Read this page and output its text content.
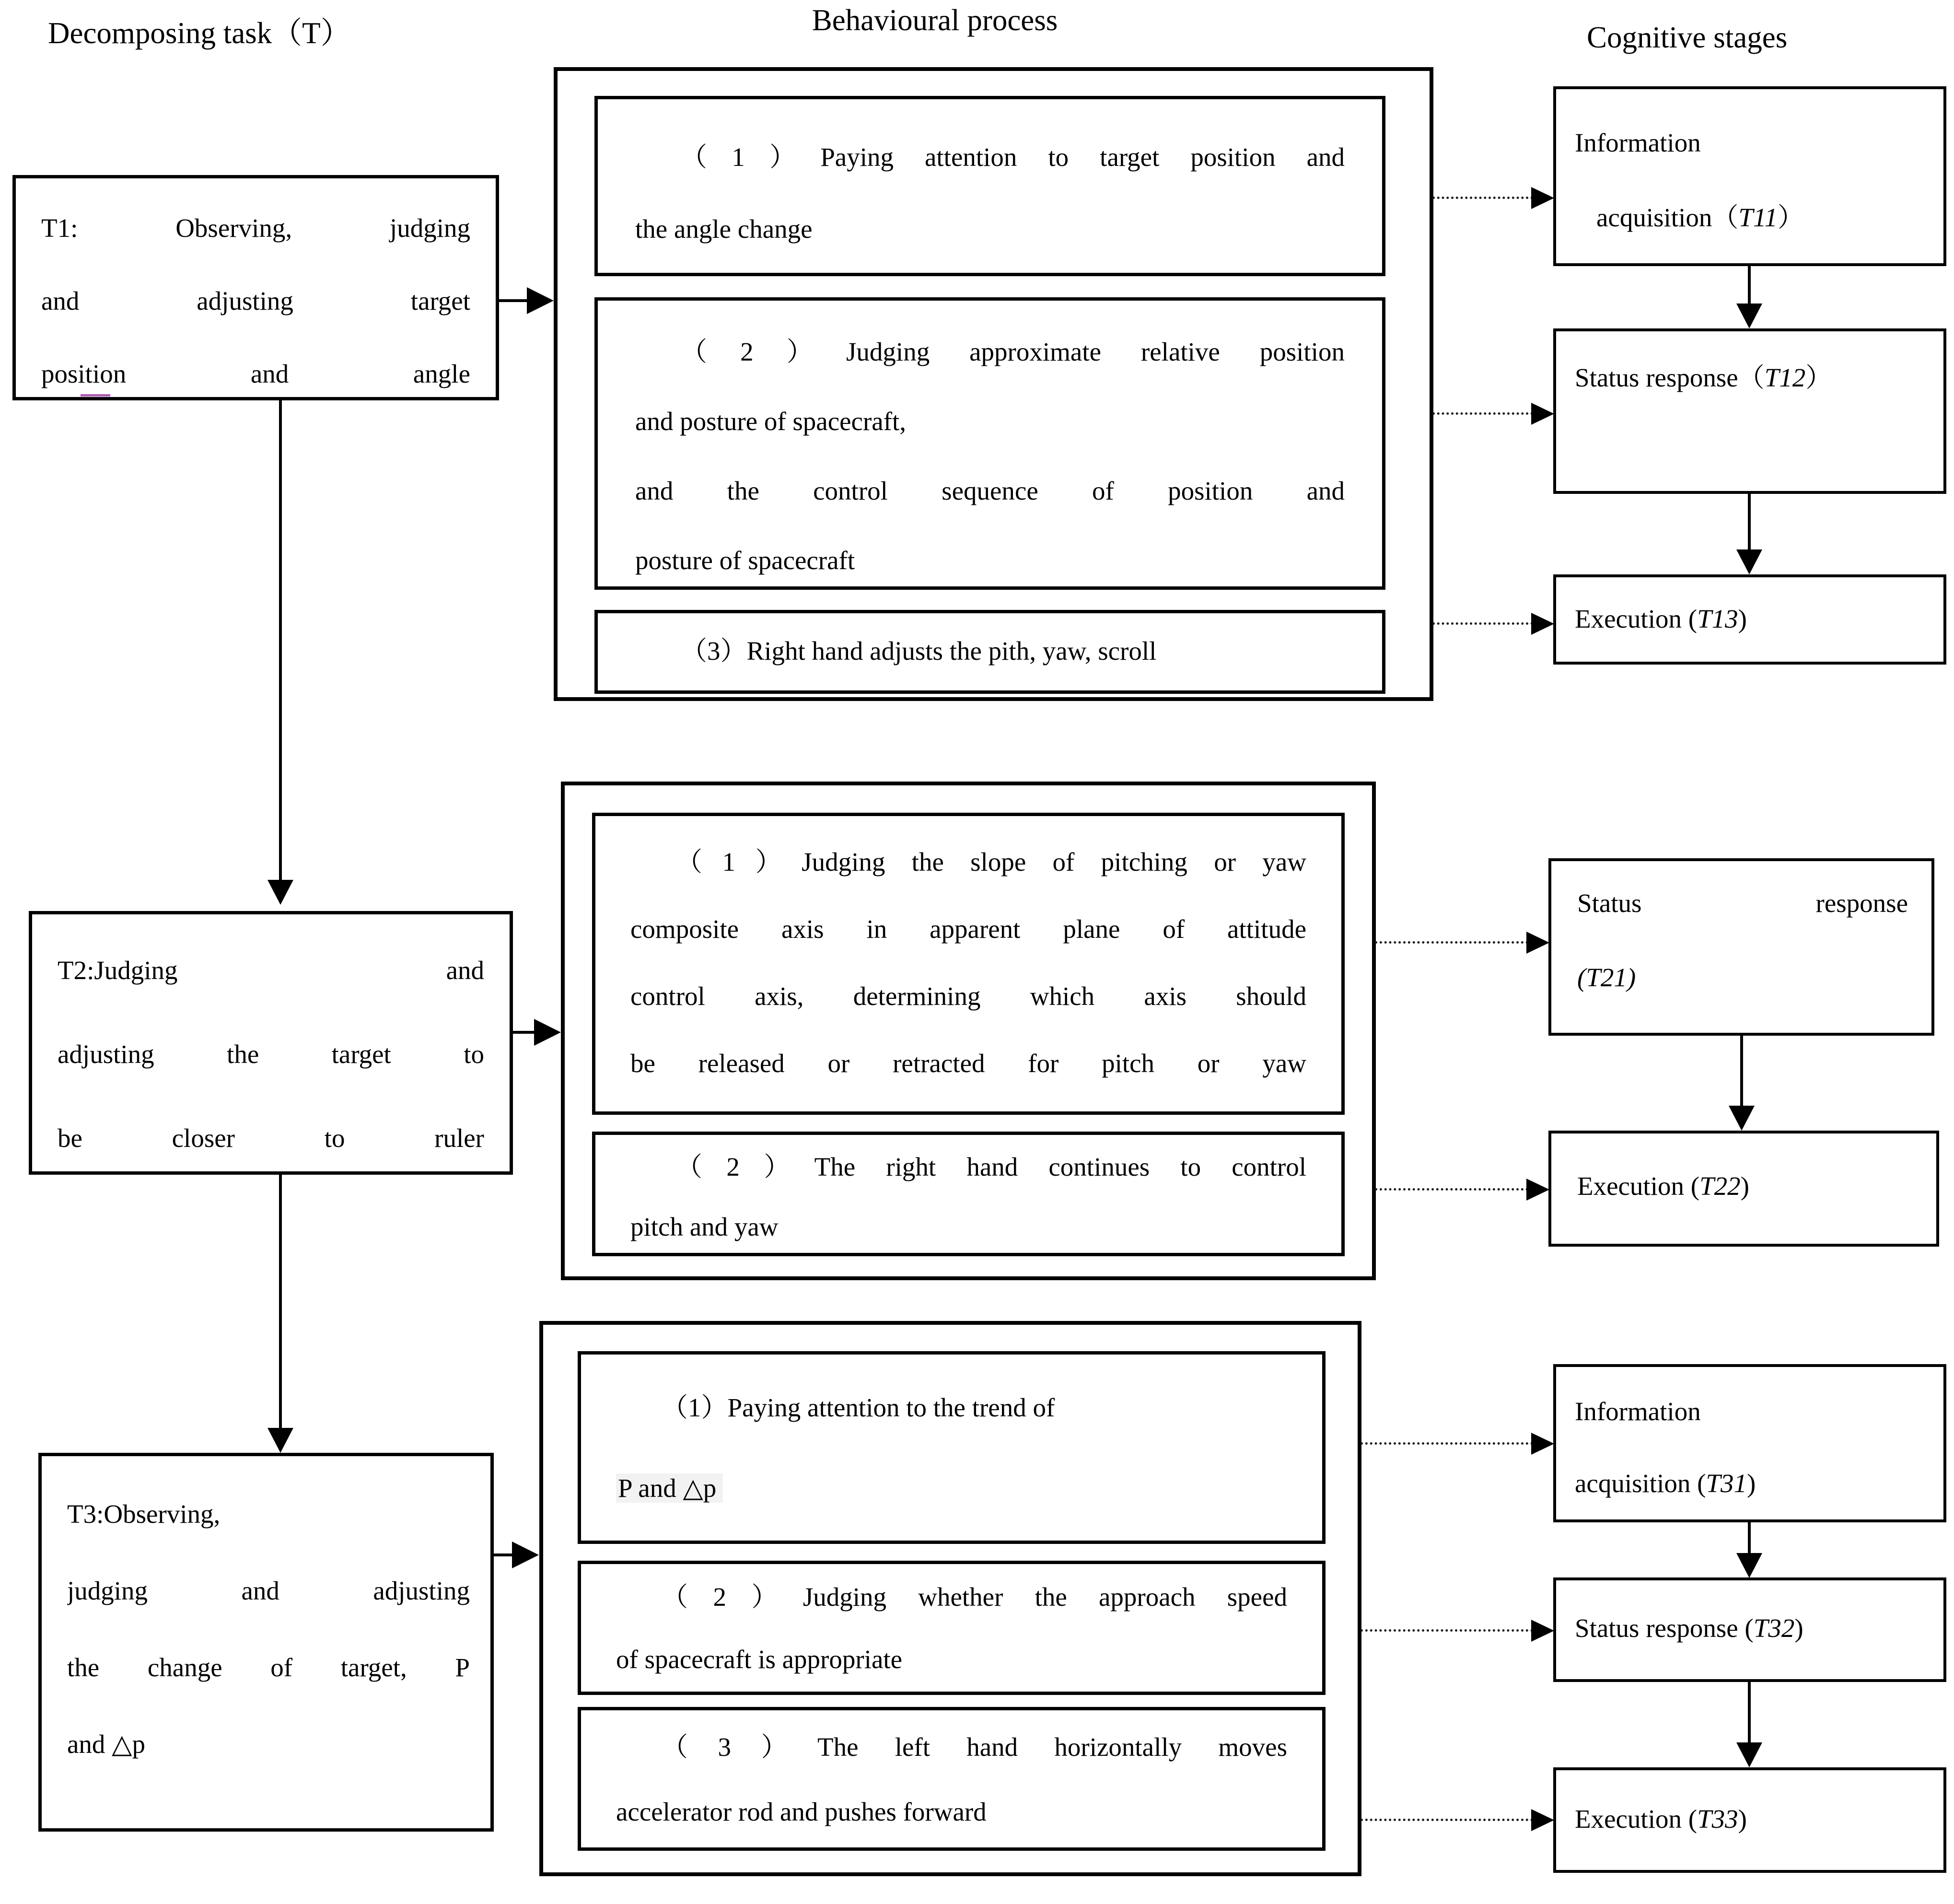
Decomposing task（T）	Behavioural process
Cognitive stages
T1: Observing, judging
and adjusting target
position and angle
T2:Judging and
adjusting the target to
be closer to ruler
T3:Observing,
judging and adjusting
the change of target, P
and △p
（1）Paying attention to target position and
the angle change
（2）Judging approximate relative position
and posture of spacecraft,
and the control sequence of position and
posture of spacecraft
（3）Right hand adjusts the pith, yaw, scroll
（1）Judging the slope of pitching or yaw
composite axis in apparent plane of attitude
control axis, determining which axis should
be released or retracted for pitch or yaw
（2）The right hand continues to control
pitch and yaw
（1）Paying attention to the trend of
P and △p
（2）Judging whether the approach speed
of spacecraft is appropriate
（3）The left hand horizontally moves
accelerator rod and pushes forward
Information
acquisition（T11）
Status response（T12）
Execution (T13)
Status	response
(T21)
Execution (T22)
Information
acquisition (T31)
Status response (T32)
Execution (T33)
